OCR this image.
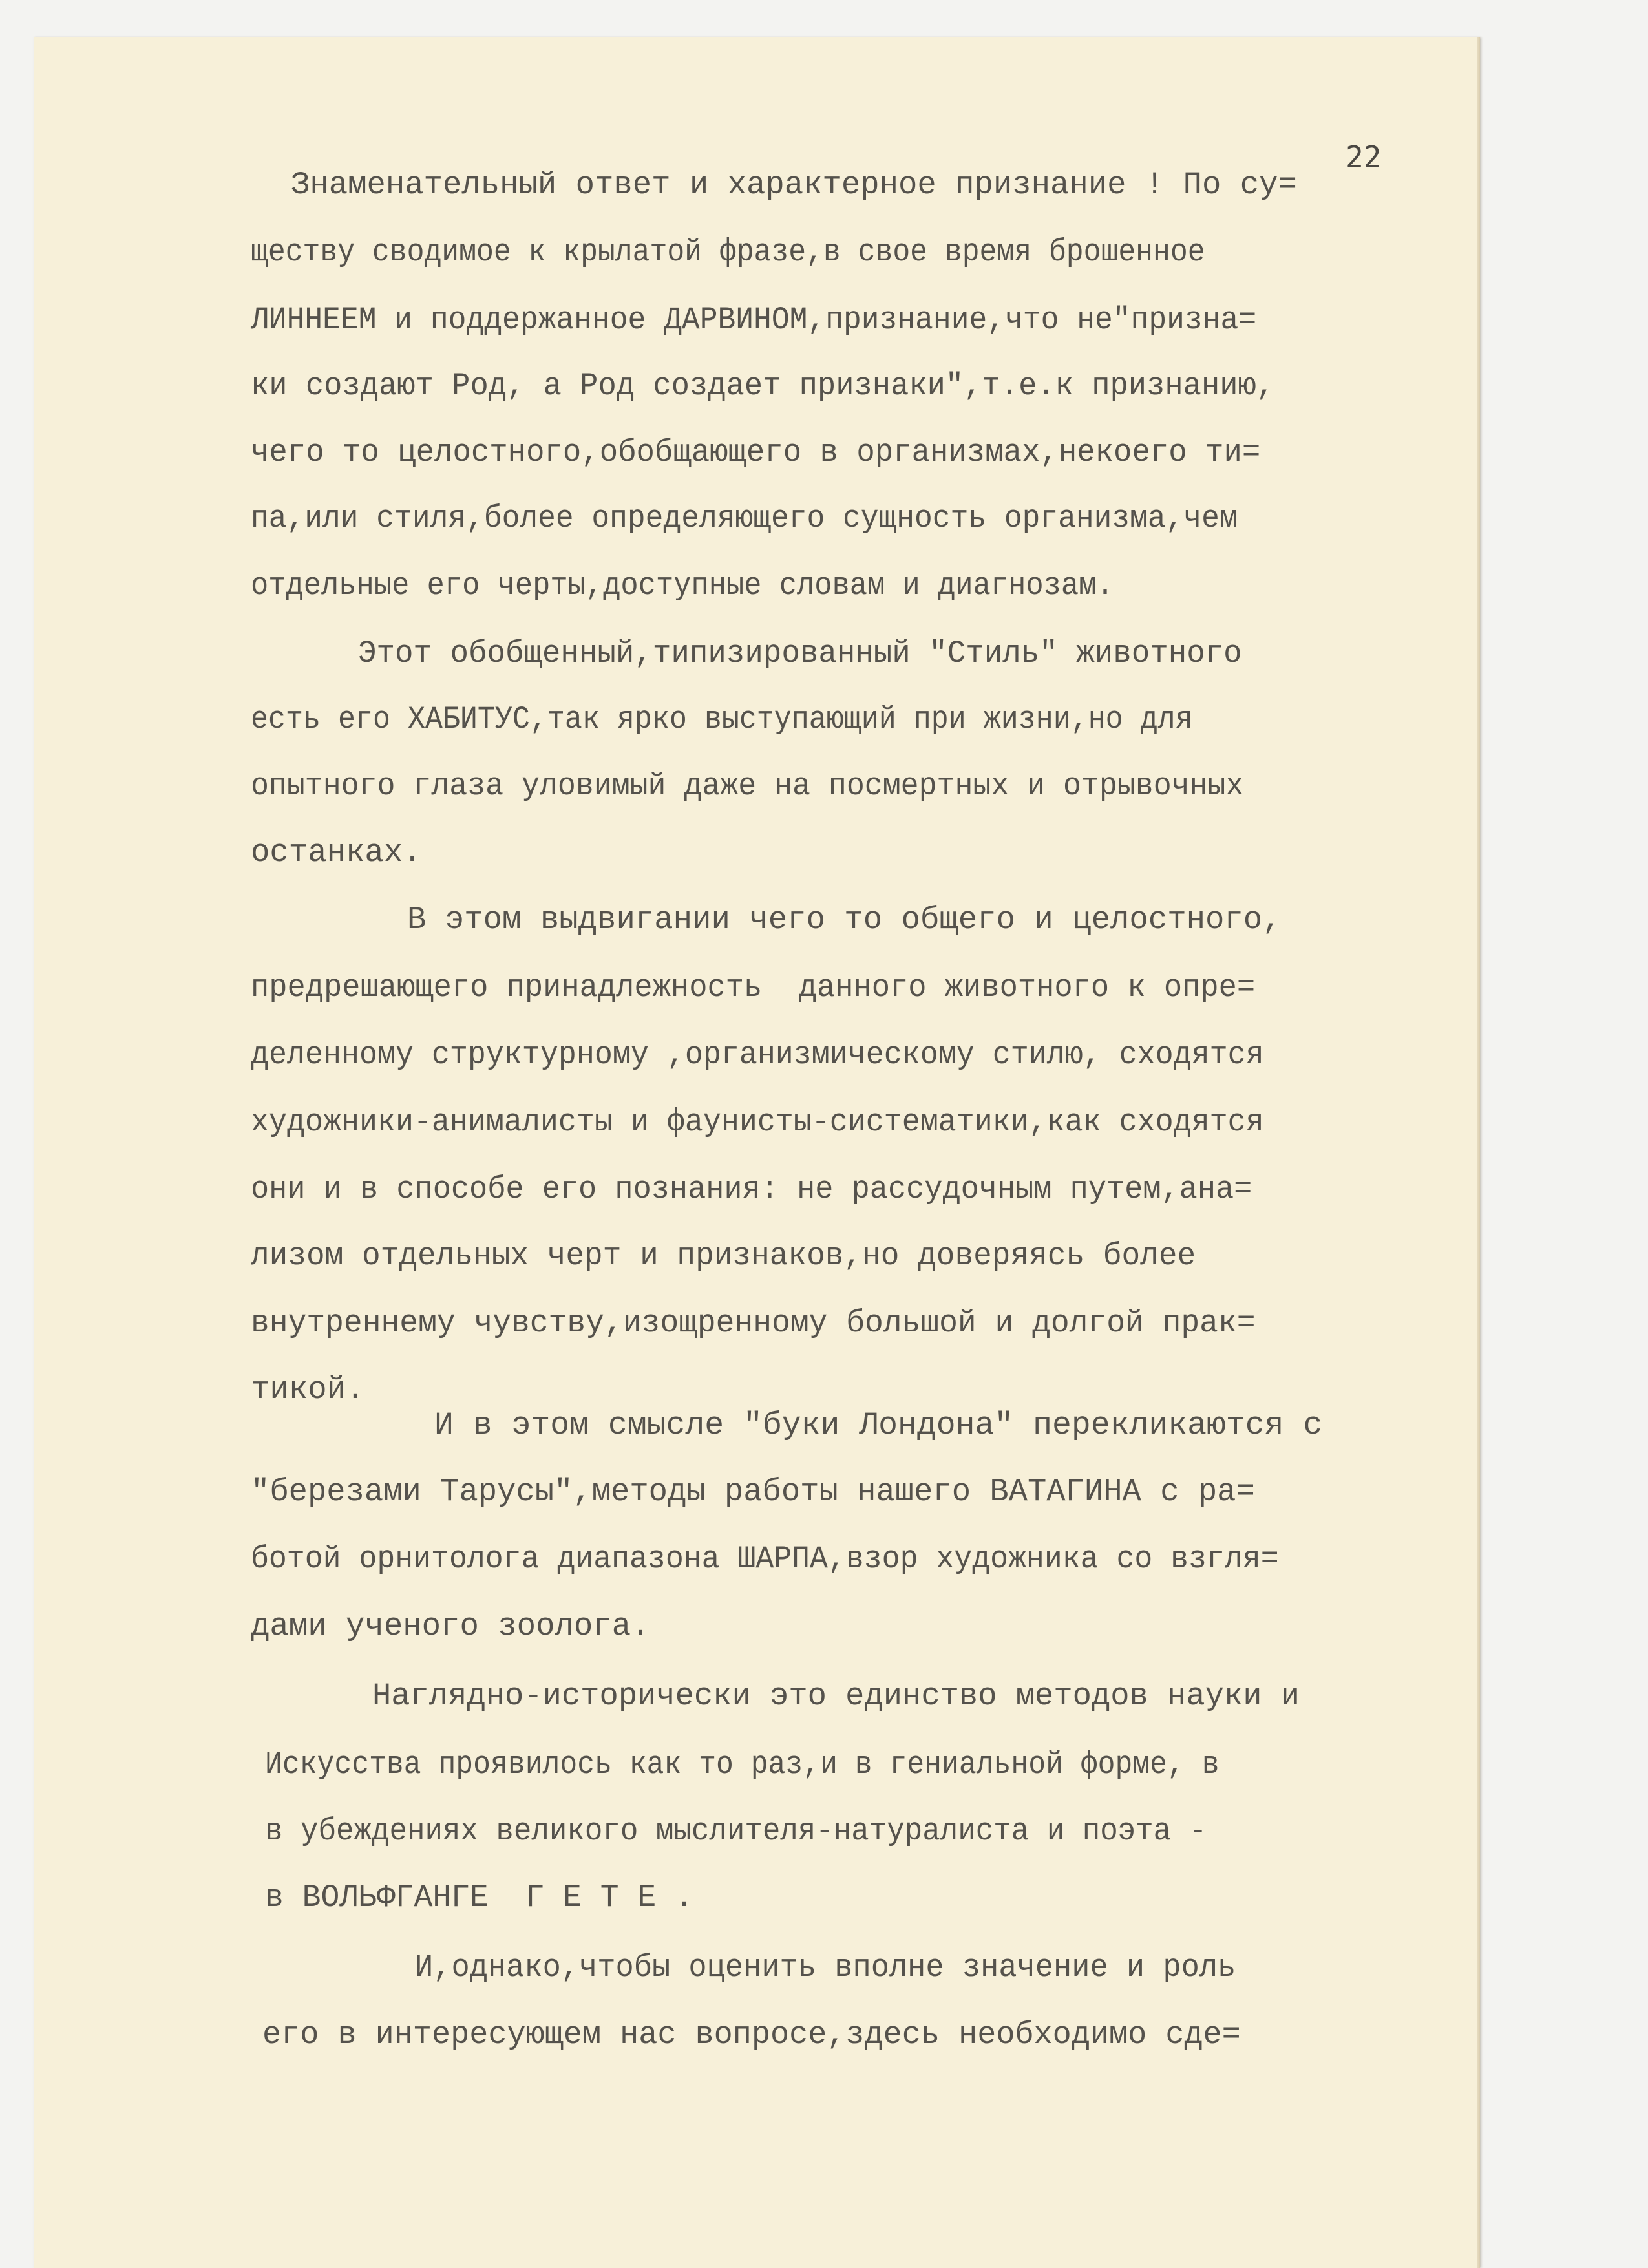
22
Знаменательный ответ и характерное признание ! По су=
ществу сводимое к крылатой фразе,в свое время брошенное
ЛИННЕЕМ и поддержанное ДАРВИНОМ,признание,что не"призна=
ки создают Род, а Род создает признаки",т.е.к признанию,
чего то целостного,обобщающего в организмах,некоего ти=
па,или стиля,более определяющего сущность организма,чем
отдельные его черты,доступные словам и диагнозам.
Этот обобщенный,типизированный "Стиль" животного
есть его ХАБИТУС,так ярко выступающий при жизни,но для
опытного глаза уловимый даже на посмертных и отрывочных
останках.
В этом выдвигании чего то общего и целостного,
предрешающего принадлежность  данного животного к опре=
деленному структурному ,организмическому стилю, сходятся
художники-анималисты и фаунисты-систематики,как сходятся
они и в способе его познания: не рассудочным путем,ана=
лизом отдельных черт и признаков,но доверяясь более
внутреннему чувству,изощренному большой и долгой прак=
тикой.
И в этом смысле "буки Лондона" перекликаются с
"березами Тарусы",методы работы нашего ВАТАГИНА с ра=
ботой орнитолога диапазона ШАРПА,взор художника со взгля=
дами ученого зоолога.
Наглядно-исторически это единство методов науки и
Искусства проявилось как то раз,и в гениальной форме, в
в убеждениях великого мыслителя-натуралиста и поэта -
в ВОЛЬФГАНГЕ  Г Е Т Е .
И,однако,чтобы оценить вполне значение и роль
его в интересующем нас вопросе,здесь необходимо сде=
